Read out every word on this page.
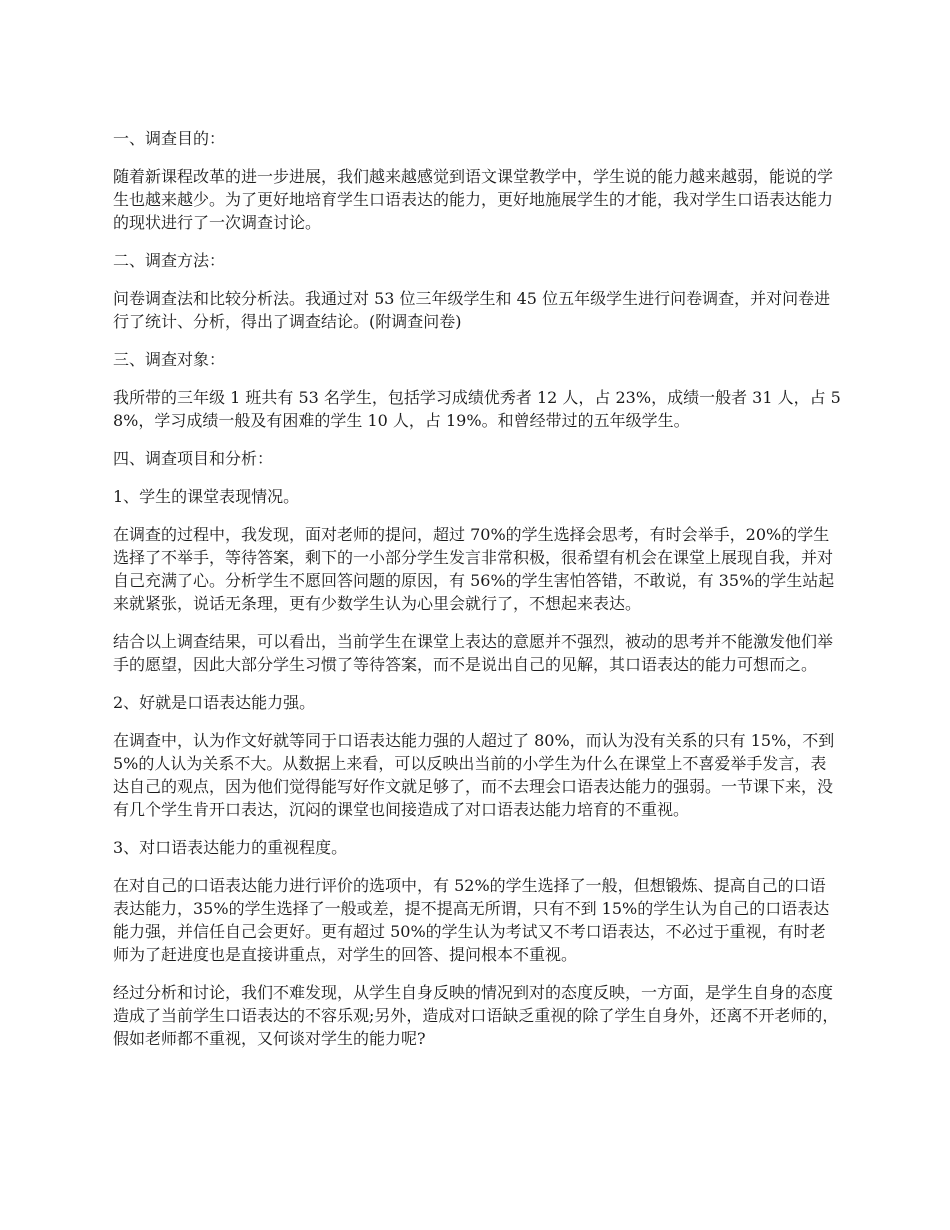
一、调查目的：
随着新课程改革的进一步进展，我们越来越感觉到语文课堂教学中，学生说的能力越来越弱，能说的学生也越来越少。为了更好地培育学生口语表达的能力，更好地施展学生的才能，我对学生口语表达能力的现状进行了一次调查讨论。
二、调查方法：
问卷调查法和比较分析法。我通过对 53 位三年级学生和 45 位五年级学生进行问卷调查，并对问卷进行了统计、分析，得出了调查结论。(附调查问卷)
三、调查对象：
我所带的三年级 1 班共有 53 名学生，包括学习成绩优秀者 12 人，占 23%，成绩一般者 31 人，占 58%，学习成绩一般及有困难的学生 10 人，占 19%。和曾经带过的五年级学生。
四、调查项目和分析：
1、学生的课堂表现情况。
在调查的过程中，我发现，面对老师的提问，超过 70%的学生选择会思考，有时会举手，20%的学生选择了不举手，等待答案，剩下的一小部分学生发言非常积极，很希望有机会在课堂上展现自我，并对自己充满了心。分析学生不愿回答问题的原因，有 56%的学生害怕答错，不敢说，有 35%的学生站起来就紧张，说话无条理，更有少数学生认为心里会就行了，不想起来表达。
结合以上调查结果，可以看出，当前学生在课堂上表达的意愿并不强烈，被动的思考并不能激发他们举手的愿望，因此大部分学生习惯了等待答案，而不是说出自己的见解，其口语表达的能力可想而之。
2、好就是口语表达能力强。
在调查中，认为作文好就等同于口语表达能力强的人超过了 80%，而认为没有关系的只有 15%，不到 5%的人认为关系不大。从数据上来看，可以反映出当前的小学生为什么在课堂上不喜爱举手发言，表达自己的观点，因为他们觉得能写好作文就足够了，而不去理会口语表达能力的强弱。一节课下来，没有几个学生肯开口表达，沉闷的课堂也间接造成了对口语表达能力培育的不重视。
3、对口语表达能力的重视程度。
在对自己的口语表达能力进行评价的选项中，有 52%的学生选择了一般，但想锻炼、提高自己的口语表达能力，35%的学生选择了一般或差，提不提高无所谓，只有不到 15%的学生认为自己的口语表达能力强，并信任自己会更好。更有超过 50%的学生认为考试又不考口语表达，不必过于重视，有时老师为了赶进度也是直接讲重点，对学生的回答、提问根本不重视。
经过分析和讨论，我们不难发现，从学生自身反映的情况到对的态度反映，一方面，是学生自身的态度造成了当前学生口语表达的不容乐观;另外，造成对口语缺乏重视的除了学生自身外，还离不开老师的，假如老师都不重视，又何谈对学生的能力呢?
